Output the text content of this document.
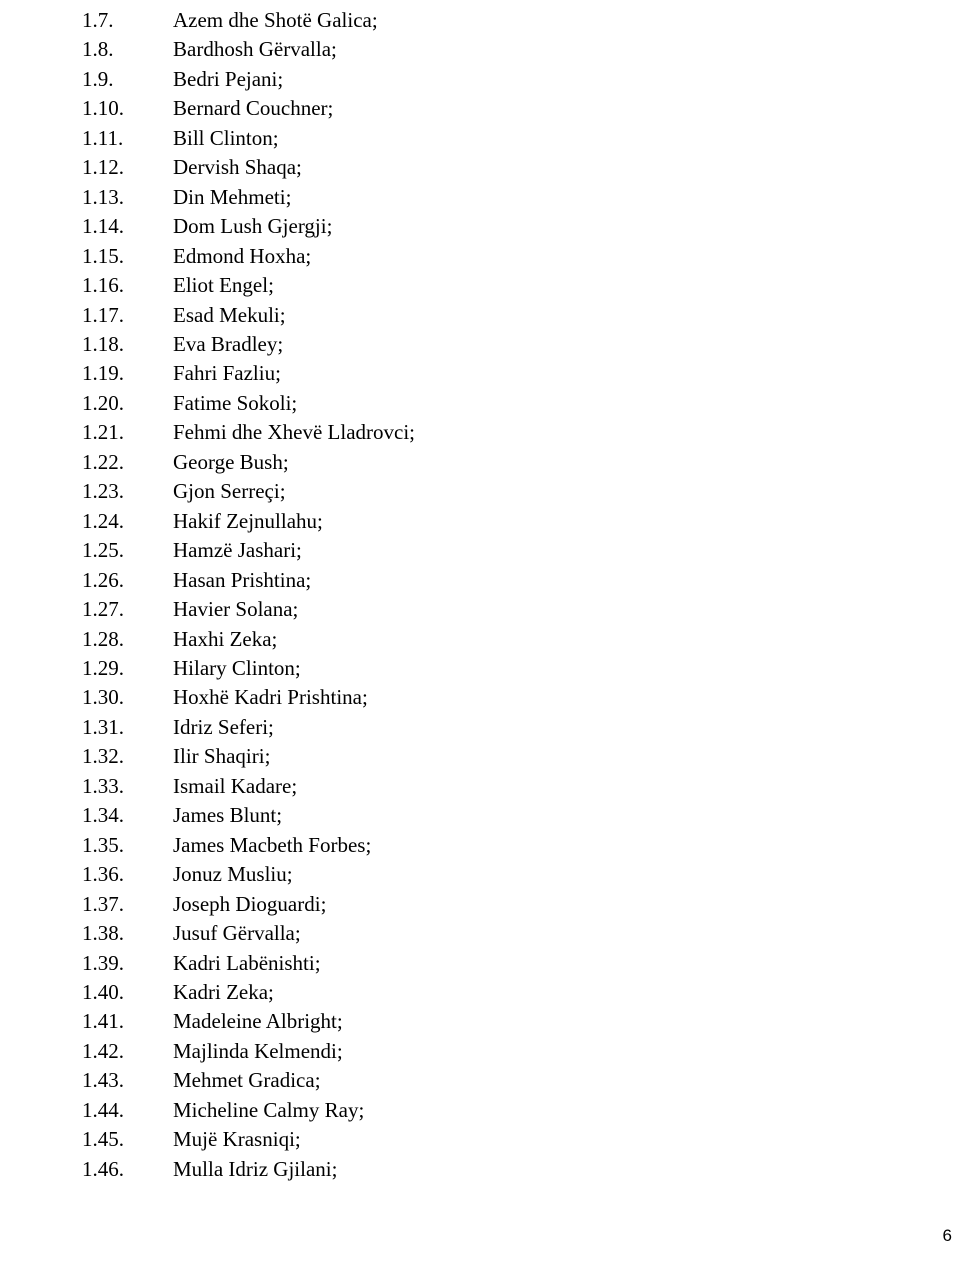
1.7.	Azem dhe Shotë Galica;
1.8.	Bardhosh Gërvalla;
1.9.	Bedri Pejani;
1.10.	Bernard Couchner;
1.11.	Bill Clinton;
1.12.	Dervish Shaqa;
1.13.	Din Mehmeti;
1.14.	Dom Lush Gjergji;
1.15.	Edmond Hoxha;
1.16.	Eliot Engel;
1.17.	Esad Mekuli;
1.18.	Eva Bradley;
1.19.	Fahri Fazliu;
1.20.	Fatime Sokoli;
1.21.	Fehmi dhe Xhevë Lladrovci;
1.22.	George Bush;
1.23.	Gjon Serreçi;
1.24.	Hakif Zejnullahu;
1.25.	Hamzë Jashari;
1.26.	Hasan Prishtina;
1.27.	Havier Solana;
1.28.	Haxhi Zeka;
1.29.	Hilary Clinton;
1.30.	Hoxhë Kadri Prishtina;
1.31.	Idriz Seferi;
1.32.	Ilir Shaqiri;
1.33.	Ismail Kadare;
1.34.	James Blunt;
1.35.	James Macbeth Forbes;
1.36.	Jonuz Musliu;
1.37.	Joseph Dioguardi;
1.38.	Jusuf Gërvalla;
1.39.	Kadri Labënishti;
1.40.	Kadri Zeka;
1.41.	Madeleine Albright;
1.42.	Majlinda Kelmendi;
1.43.	Mehmet Gradica;
1.44.	Micheline Calmy Ray;
1.45.	Mujë Krasniqi;
1.46.	Mulla Idriz Gjilani;
6
